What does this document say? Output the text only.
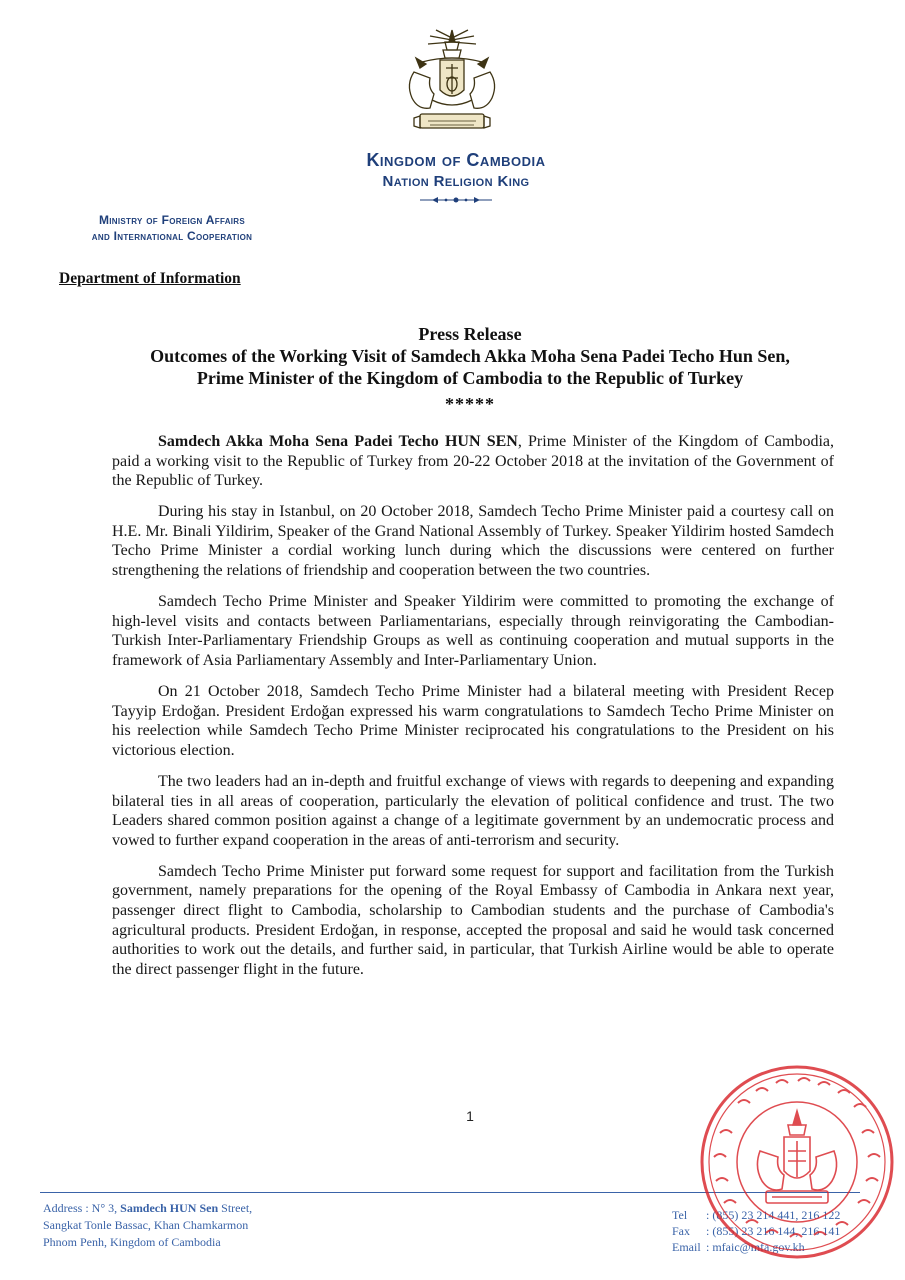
Kingdom of Cambodia
Nation Religion King
Ministry of Foreign Affairs
and International Cooperation
Department of Information
Press Release
Outcomes of the Working Visit of Samdech Akka Moha Sena Padei Techo Hun Sen,
Prime Minister of the Kingdom of Cambodia to the Republic of Turkey
*****

Samdech Akka Moha Sena Padei Techo HUN SEN, Prime Minister of the Kingdom of Cambodia, paid a working visit to the Republic of Turkey from 20-22 October 2018 at the invitation of the Government of the Republic of Turkey.

During his stay in Istanbul, on 20 October 2018, Samdech Techo Prime Minister paid a courtesy call on H.E. Mr. Binali Yildirim, Speaker of the Grand National Assembly of Turkey. Speaker Yildirim hosted Samdech Techo Prime Minister a cordial working lunch during which the discussions were centered on further strengthening the relations of friendship and cooperation between the two countries.

Samdech Techo Prime Minister and Speaker Yildirim were committed to promoting the exchange of high-level visits and contacts between Parliamentarians, especially through reinvigorating the Cambodian-Turkish Inter-Parliamentary Friendship Groups as well as continuing cooperation and mutual supports in the framework of Asia Parliamentary Assembly and Inter-Parliamentary Union.

On 21 October 2018, Samdech Techo Prime Minister had a bilateral meeting with President Recep Tayyip Erdoğan. President Erdoğan expressed his warm congratulations to Samdech Techo Prime Minister on his reelection while Samdech Techo Prime Minister reciprocated his congratulations to the President on his victorious election.

The two leaders had an in-depth and fruitful exchange of views with regards to deepening and expanding bilateral ties in all areas of cooperation, particularly the elevation of political confidence and trust. The two Leaders shared common position against a change of a legitimate government by an undemocratic process and vowed to further expand cooperation in the areas of anti-terrorism and security.

Samdech Techo Prime Minister put forward some request for support and facilitation from the Turkish government, namely preparations for the opening of the Royal Embassy of Cambodia in Ankara next year, passenger direct flight to Cambodia, scholarship to Cambodian students and the purchase of Cambodia's agricultural products. President Erdoğan, in response, accepted the proposal and said he would task concerned authorities to work out the details, and further said, in particular, that Turkish Airline would be able to operate the direct passenger flight in the future.

1
Address : N° 3, Samdech HUN Sen Street,
Sangkat Tonle Bassac, Khan Chamkarmon
Phnom Penh, Kingdom of Cambodia
Tel : (855) 23 214 441, 216 122
Fax : (855) 23 216 144, 216 141
Email : mfaic@mfa.gov.kh
